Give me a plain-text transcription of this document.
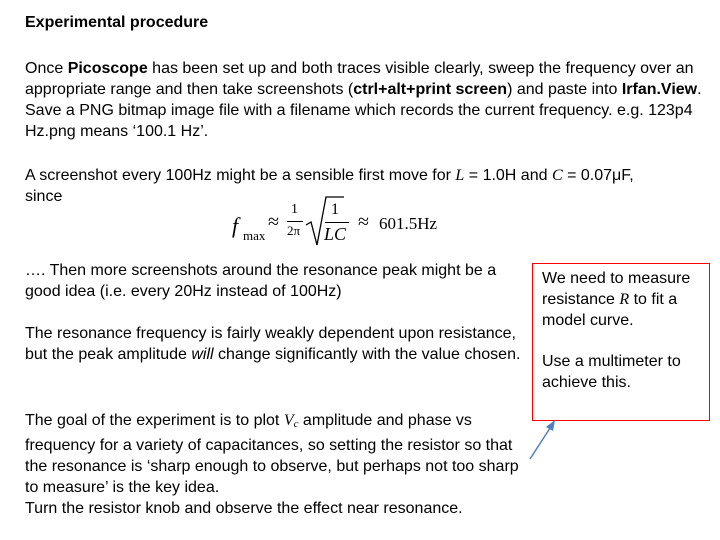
Experimental procedure
Once Picoscope has been set up and both traces visible clearly, sweep the frequency over an appropriate range and then take screenshots (ctrl+alt+print screen) and paste into Irfan.View. Save a PNG bitmap image file with a filename which records the current frequency. e.g. 123p4 Hz.png means ‘100.1 Hz’.
A screenshot every 100Hz might be a sensible first move for L = 1.0H and C = 0.07μF, since
f max
≈
1
2π
1
LC
≈ 601.5Hz
…. Then more screenshots around the resonance peak might be a good idea (i.e. every 20Hz instead of 100Hz)
The resonance frequency is fairly weakly dependent upon resistance, but the peak amplitude will change significantly with the value chosen.
The goal of the experiment is to plot Vc amplitude and phase vs frequency for a variety of capacitances, so setting the resistor so that the resonance is ‘sharp enough to observe, but perhaps not too sharp to measure’ is the key idea.
Turn the resistor knob and observe the effect near resonance.
We need to measure resistance R to fit a model curve.
Use a multimeter to achieve this.
